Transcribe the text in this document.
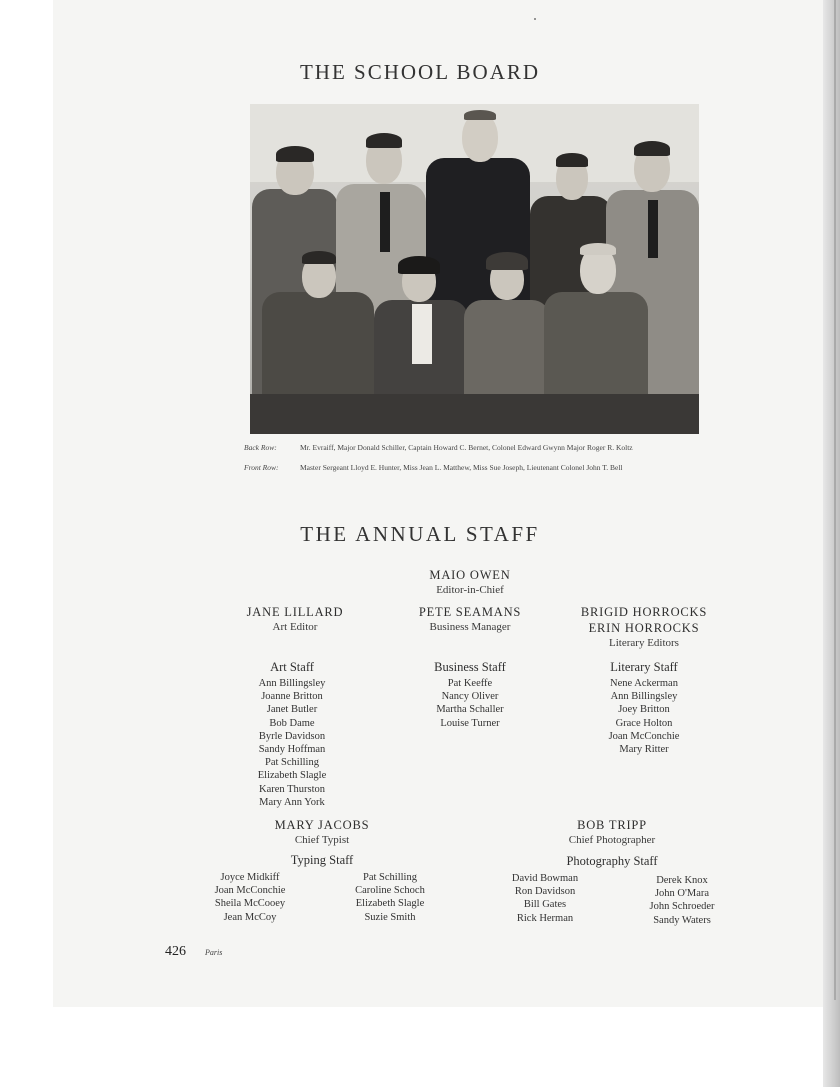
THE SCHOOL BOARD
Back Row:	Mr. Evraiff, Major Donald Schiller, Captain Howard C. Bernet, Colonel Edward Gwynn Major Roger R. Koltz
Front Row:	Master Sergeant Lloyd E. Hunter, Miss Jean L. Matthew, Miss Sue Joseph, Lieutenant Colonel John T. Bell
THE ANNUAL STAFF
MAIO OWEN
Editor-in-Chief
JANE LILLARD
Art Editor
PETE SEAMANS
Business Manager
BRIGID HORROCKS
ERIN HORROCKS
Literary Editors
Art Staff
Ann Billingsley
Joanne Britton
Janet Butler
Bob Dame
Byrle Davidson
Sandy Hoffman
Pat Schilling
Elizabeth Slagle
Karen Thurston
Mary Ann York
Business Staff
Pat Keeffe
Nancy Oliver
Martha Schaller
Louise Turner
Literary Staff
Nene Ackerman
Ann Billingsley
Joey Britton
Grace Holton
Joan McConchie
Mary Ritter
MARY JACOBS
Chief Typist
BOB TRIPP
Chief Photographer
Typing Staff
Joyce Midkiff
Joan McConchie
Sheila McCooey
Jean McCoy
Pat Schilling
Caroline Schoch
Elizabeth Slagle
Suzie Smith
Photography Staff
David Bowman
Ron Davidson
Bill Gates
Rick Herman
Derek Knox
John O'Mara
John Schroeder
Sandy Waters
426 Paris
